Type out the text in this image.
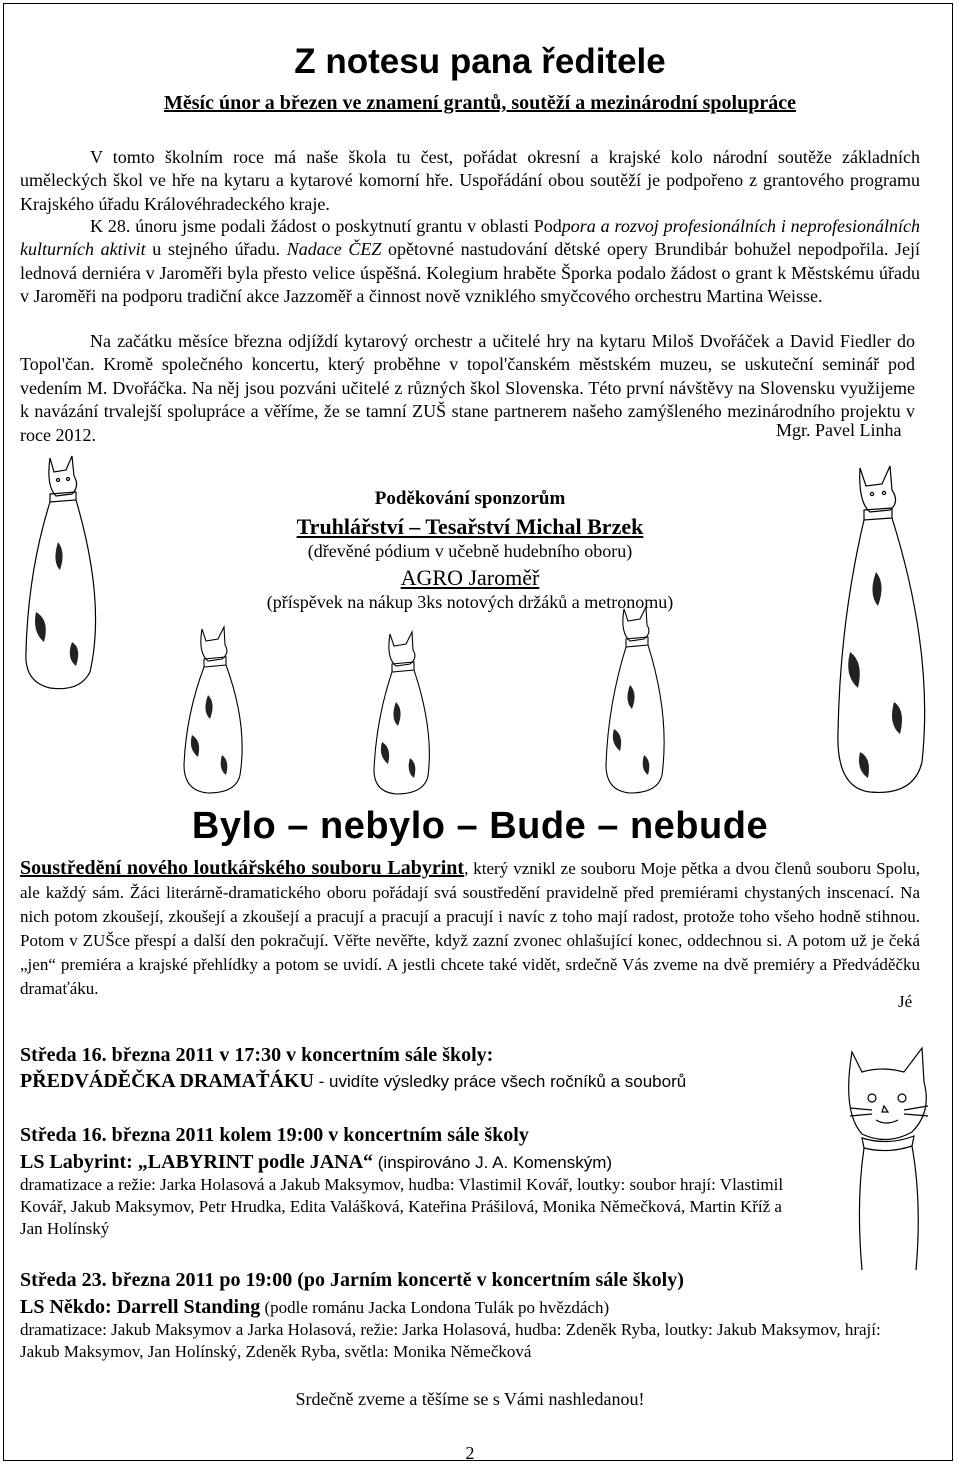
Z notesu pana ředitele
Měsíc únor a březen ve znamení grantů, soutěží a mezinárodní spolupráce
V tomto školním roce má naše škola tu čest, pořádat okresní a krajské kolo národní soutěže základních uměleckých škol ve hře na kytaru a kytarové komorní hře. Uspořádání obou soutěží je podpořeno z grantového programu Krajského úřadu Královéhradeckého kraje.
K 28. únoru jsme podali žádost o poskytnutí grantu v oblasti Podpora a rozvoj profesionálních i neprofesionálních kulturních aktivit u stejného úřadu. Nadace ČEZ opětovné nastudování dětské opery Brundibár bohužel nepodpořila. Její lednová derniéra v Jaroměři byla přesto velice úspěšná. Kolegium hraběte Šporka podalo žádost o grant k Městskému úřadu v Jaroměři na podporu tradiční akce Jazzoměř a činnost nově vzniklého smyčcového orchestru Martina Weisse.
Na začátku měsíce března odjíždí kytarový orchestr a učitelé hry na kytaru Miloš Dvořáček a David Fiedler do Topol'čan. Kromě společného koncertu, který proběhne v topol'čanském městském muzeu, se uskuteční seminář pod vedením M. Dvořáčka. Na něj jsou pozváni učitelé z různých škol Slovenska. Této první návštěvy na Slovensku využijeme k navázání trvalejší spolupráce a věříme, že se tamní ZUŠ stane partnerem našeho zamýšleného mezinárodního projektu v roce 2012.	Mgr. Pavel Linha
Poděkování sponzorům
Truhlářství – Tesařství Michal Brzek
(dřevěné pódium v učebně hudebního oboru)
AGRO Jaroměř
(příspěvek na nákup 3ks notových držáků a metronomu)
Bylo – nebylo – Bude – nebude
Soustředění nového loutkářského souboru Labyrint, který vznikl ze souboru Moje pětka a dvou členů souboru Spolu, ale každý sám. Žáci literárně-dramatického oboru pořádají svá soustředění pravidelně před premiérami chystaných inscenací. Na nich potom zkoušejí, zkoušejí a zkoušejí a pracují a pracují a pracují i navíc z toho mají radost, protože toho všeho hodně stihnou. Potom v ZUŠce přespí a další den pokračují. Věřte nevěřte, když zazní zvonec ohlašující konec, oddechnou si. A potom už je čeká „jen“ premiéra a krajské přehlídky a potom se uvidí. A jestli chcete také vidět, srdečně Vás zveme na dvě premiéry a Předváděčku dramaťáku.
Jé
Středa 16. března 2011 v 17:30 v koncertním sále školy:
PŘEDVÁDĚČKA DRAMAŤÁKU - uvidíte výsledky práce všech ročníků a souborů
Středa 16. března 2011 kolem 19:00 v koncertním sále školy
LS Labyrint: „LABYRINT podle JANA“ (inspirováno J. A. Komenským)
dramatizace a režie: Jarka Holasová a Jakub Maksymov, hudba: Vlastimil Kovář, loutky: soubor hrají: Vlastimil Kovář, Jakub Maksymov, Petr Hrudka, Edita Valášková, Kateřina Prášilová, Monika Němečková, Martin Kříž a Jan Holínský
Středa 23. března 2011 po 19:00 (po Jarním koncertě v koncertním sále školy)
LS Někdo: Darrell Standing (podle románu Jacka Londona Tulák po hvězdách)
dramatizace: Jakub Maksymov a Jarka Holasová, režie: Jarka Holasová, hudba: Zdeněk Ryba, loutky: Jakub Maksymov, hrají: Jakub Maksymov, Jan Holínský, Zdeněk Ryba, světla: Monika Němečková
Srdečně zveme a těšíme se s Vámi nashledanou!
2
